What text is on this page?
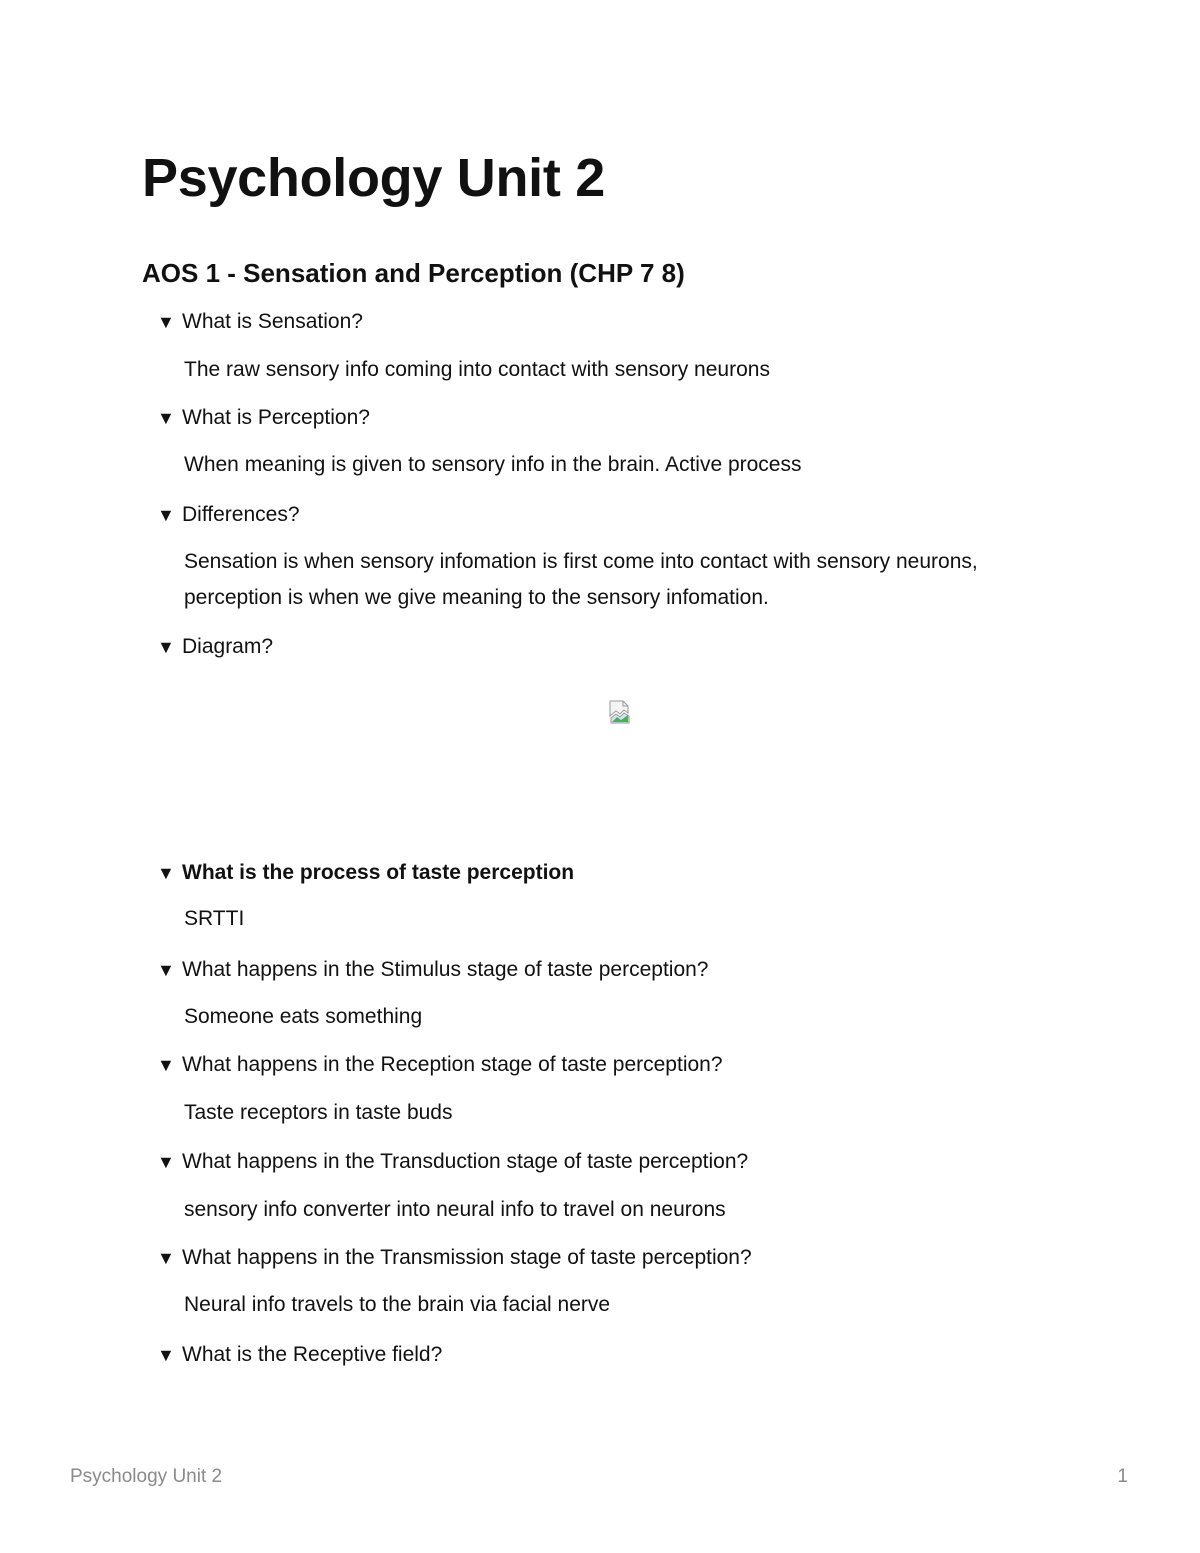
Psychology Unit 2
AOS 1 - Sensation and Perception (CHP 7 8)
▼ What is Sensation?
The raw sensory info coming into contact with sensory neurons
▼ What is Perception?
When meaning is given to sensory info in the brain. Active process
▼ Differences?
Sensation is when sensory infomation is first come into contact with sensory neurons, perception is when we give meaning to the sensory infomation.
▼ Diagram?
▼ What is the process of taste perception
SRTTI
▼ What happens in the Stimulus stage of taste perception?
Someone eats something
▼ What happens in the Reception stage of taste perception?
Taste receptors in taste buds
▼ What happens in the Transduction stage of taste perception?
sensory info converter into neural info to travel on neurons
▼ What happens in the Transmission stage of taste perception?
Neural info travels to the brain via facial nerve
▼ What is the Receptive field?
Psychology Unit 2	1
